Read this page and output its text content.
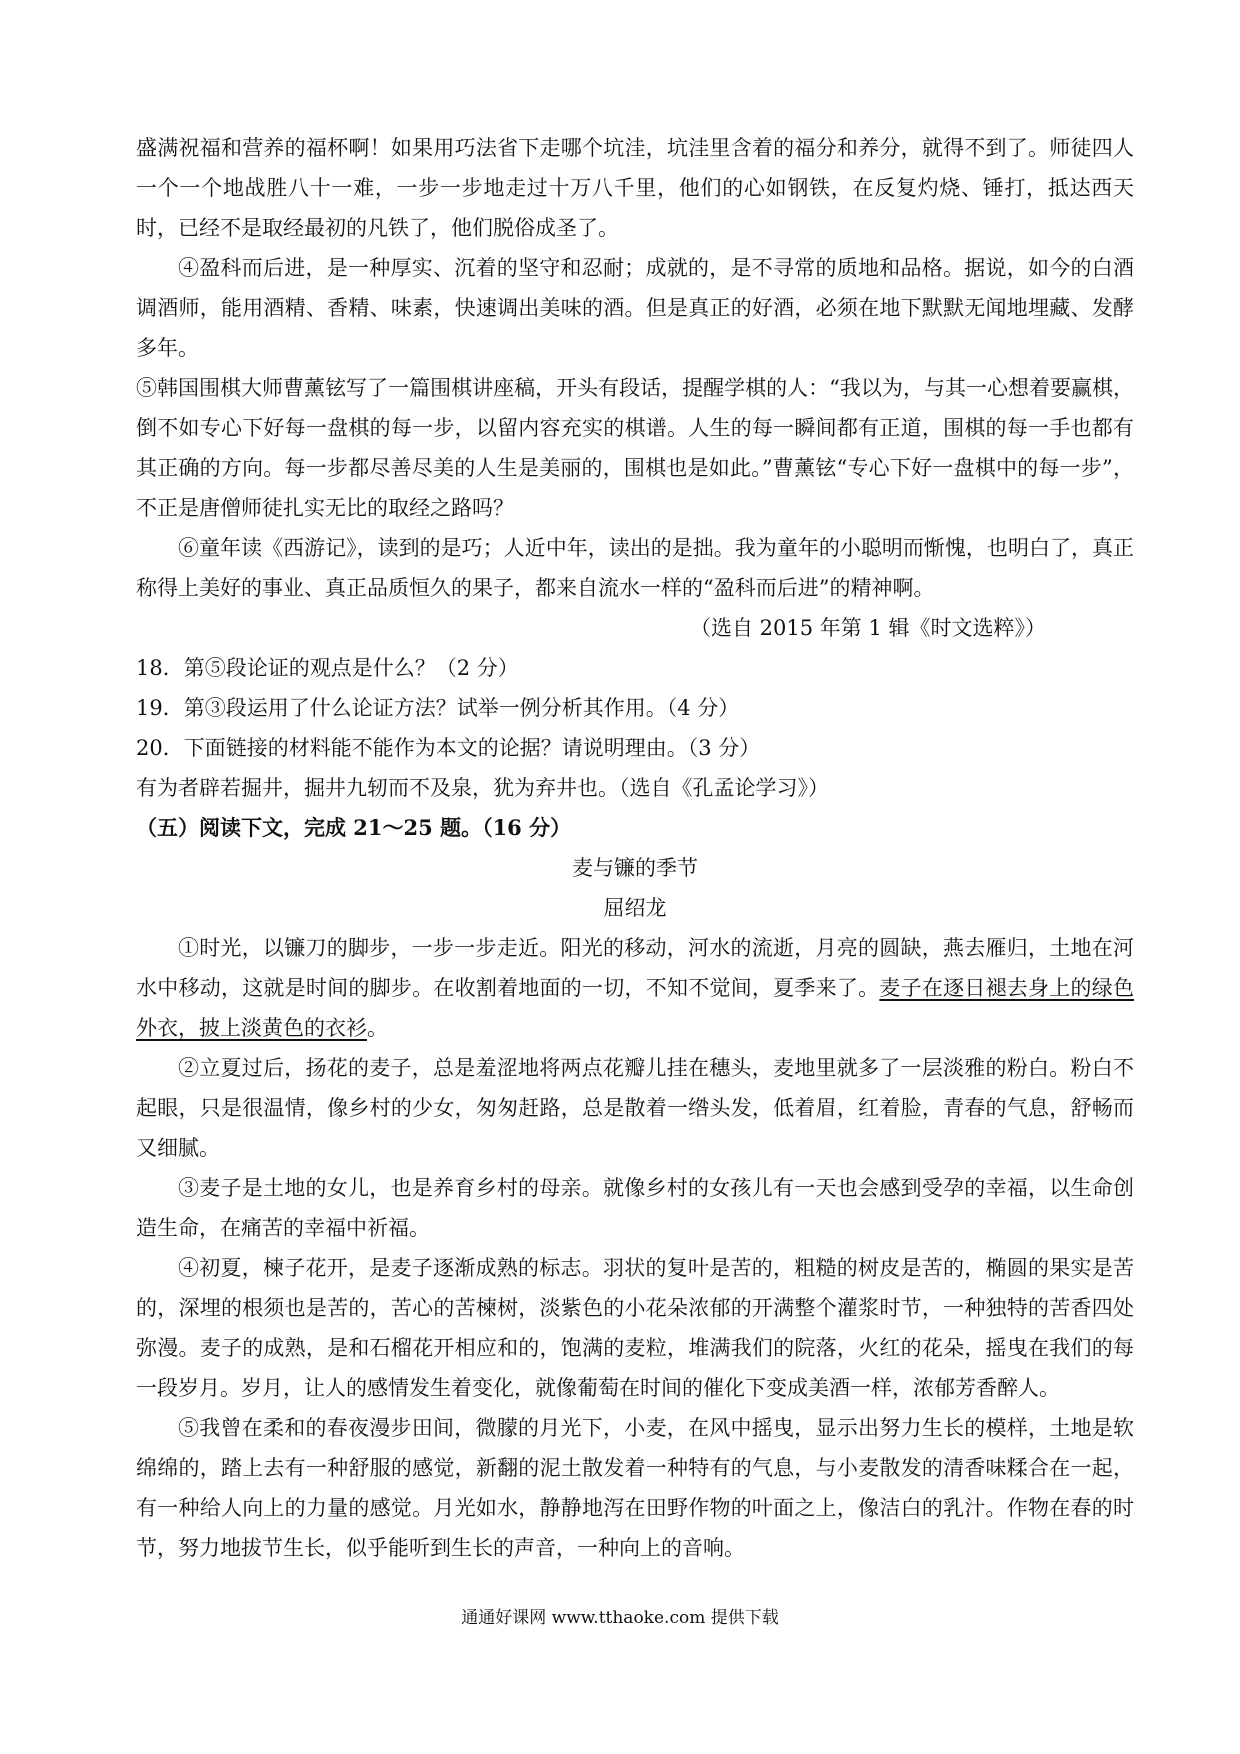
盛满祝福和营养的福杯啊！如果用巧法省下走哪个坑洼，坑洼里含着的福分和养分，就得不到了。师徒四人一个一个地战胜八十一难，一步一步地走过十万八千里，他们的心如钢铁，在反复灼烧、锤打，抵达西天时，已经不是取经最初的凡铁了，他们脱俗成圣了。

④盈科而后进，是一种厚实、沉着的坚守和忍耐；成就的，是不寻常的质地和品格。据说，如今的白酒调酒师，能用酒精、香精、味素，快速调出美味的酒。但是真正的好酒，必须在地下默默无闻地埋藏、发酵多年。

⑤韩国围棋大师曹薰铉写了一篇围棋讲座稿，开头有段话，提醒学棋的人：“我以为，与其一心想着要赢棋，倒不如专心下好每一盘棋的每一步，以留内容充实的棋谱。人生的每一瞬间都有正道，围棋的每一手也都有其正确的方向。每一步都尽善尽美的人生是美丽的，围棋也是如此。”曹薰铉“专心下好一盘棋中的每一步”，不正是唐僧师徒扎实无比的取经之路吗？

⑥童年读《西游记》，读到的是巧；人近中年，读出的是拙。我为童年的小聪明而惭愧，也明白了，真正称得上美好的事业、真正品质恒久的果子，都来自流水一样的“盈科而后进”的精神啊。

（选自 2015 年第 1 辑《时文选粹》）

18．第⑤段论证的观点是什么？（2 分）

19．第③段运用了什么论证方法？试举一例分析其作用。（4 分）

20．下面链接的材料能不能作为本文的论据？请说明理由。（3 分）

有为者辟若掘井，掘井九轫而不及泉，犹为弃井也。（选自《孔孟论学习》）

（五）阅读下文，完成 21～25 题。（16 分）

麦与镰的季节

屈绍龙

①时光，以镰刀的脚步，一步一步走近。阳光的移动，河水的流逝，月亮的圆缺，燕去雁归，土地在河水中移动，这就是时间的脚步。在收割着地面的一切，不知不觉间，夏季来了。麦子在逐日褪去身上的绿色外衣，披上淡黄色的衣衫。

②立夏过后，扬花的麦子，总是羞涩地将两点花瓣儿挂在穗头，麦地里就多了一层淡雅的粉白。粉白不起眼，只是很温情，像乡村的少女，匆匆赶路，总是散着一绺头发，低着眉，红着脸，青春的气息，舒畅而又细腻。

③麦子是土地的女儿，也是养育乡村的母亲。就像乡村的女孩儿有一天也会感到受孕的幸福，以生命创造生命，在痛苦的幸福中祈福。

④初夏，楝子花开，是麦子逐渐成熟的标志。羽状的复叶是苦的，粗糙的树皮是苦的，椭圆的果实是苦的，深埋的根须也是苦的，苦心的苦楝树，淡紫色的小花朵浓郁的开满整个灌浆时节，一种独特的苦香四处弥漫。麦子的成熟，是和石榴花开相应和的，饱满的麦粒，堆满我们的院落，火红的花朵，摇曳在我们的每一段岁月。岁月，让人的感情发生着变化，就像葡萄在时间的催化下变成美酒一样，浓郁芳香醉人。

⑤我曾在柔和的春夜漫步田间，微朦的月光下，小麦，在风中摇曳，显示出努力生长的模样，土地是软绵绵的，踏上去有一种舒服的感觉，新翻的泥土散发着一种特有的气息，与小麦散发的清香味糅合在一起，有一种给人向上的力量的感觉。月光如水，静静地泻在田野作物的叶面之上，像洁白的乳汁。作物在春的时节，努力地拔节生长，似乎能听到生长的声音，一种向上的音响。

通通好课网 www.tthaoke.com 提供下载
